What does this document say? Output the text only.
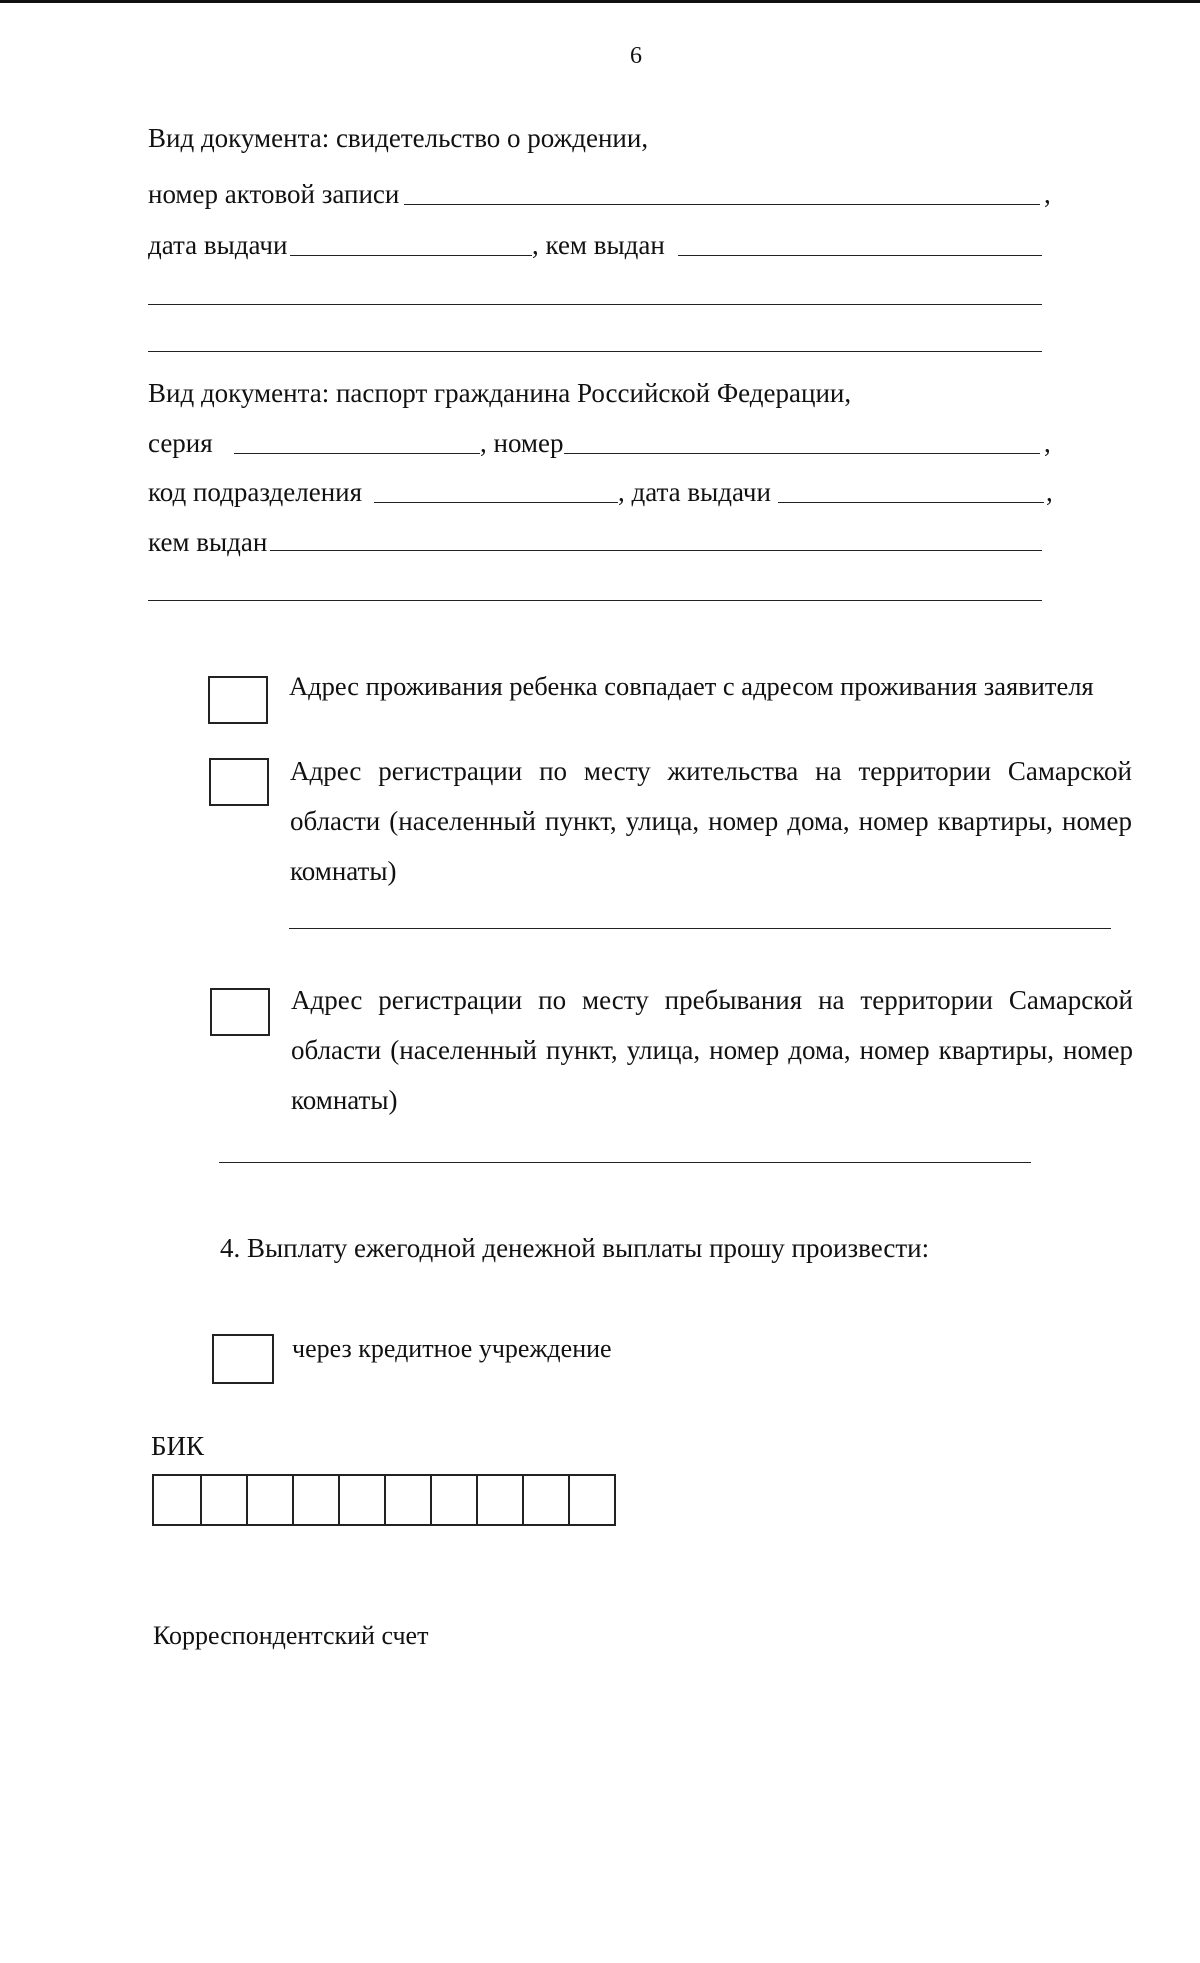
6
Вид документа: свидетельство о рождении,
номер актовой записи	,
дата выдачи	, кем выдан
Вид документа: паспорт гражданина Российской Федерации,
серия	, номер	,
код подразделения	, дата выдачи	,
кем выдан
Адрес проживания ребенка совпадает с адресом проживания заявителя
Адрес регистрации по месту жительства на территории Самарской области (населенный пункт, улица, номер дома, номер квартиры, номер комнаты)
Адрес регистрации по месту пребывания на территории Самарской области (населенный пункт, улица, номер дома, номер квартиры, номер комнаты)
4. Выплату ежегодной денежной выплаты прошу произвести:
через кредитное учреждение
БИК
Корреспондентский счет
